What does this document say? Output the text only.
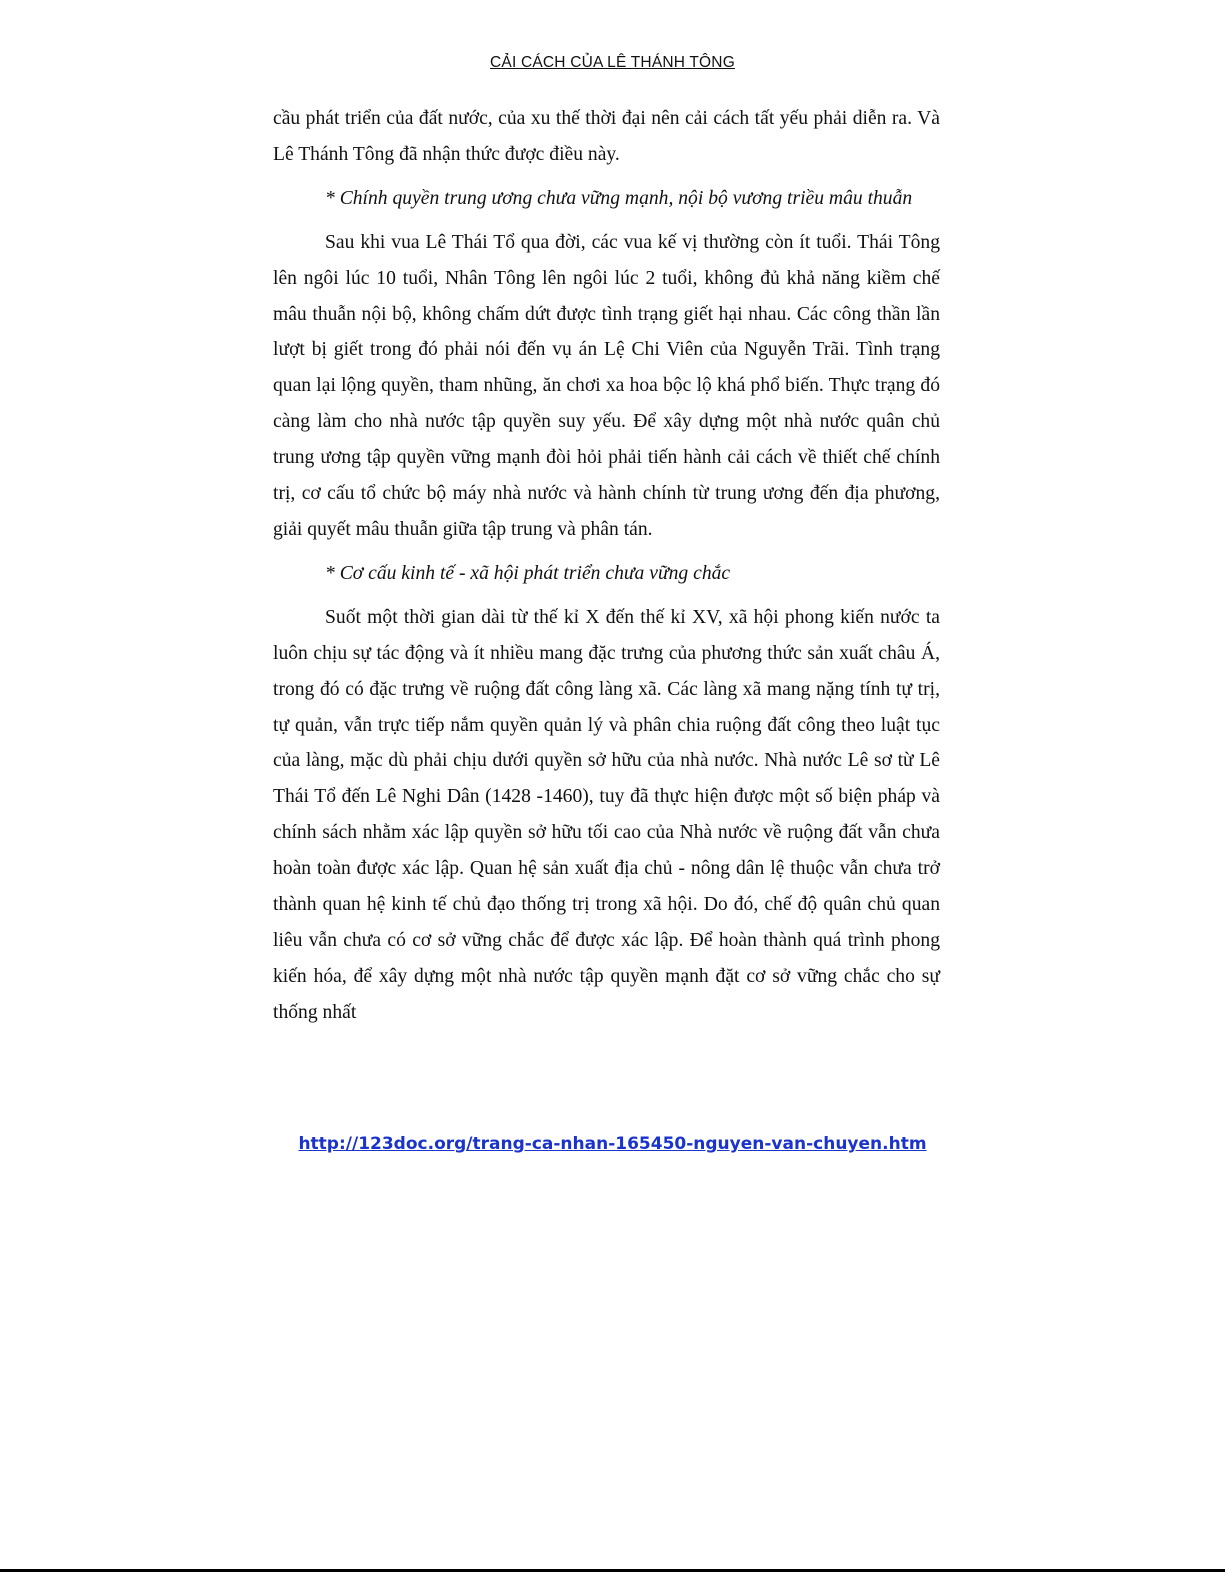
CẢI CÁCH CỦA LÊ THÁNH TÔNG

cầu phát triển của đất nước, của xu thế thời đại nên cải cách tất yếu phải diễn ra. Và Lê Thánh Tông đã nhận thức được điều này.

* Chính quyền trung ương chưa vững mạnh, nội bộ vương triều mâu thuẫn

Sau khi vua Lê Thái Tổ qua đời, các vua kế vị thường còn ít tuổi. Thái Tông lên ngôi lúc 10 tuổi, Nhân Tông lên ngôi lúc 2 tuổi, không đủ khả năng kiềm chế mâu thuẫn nội bộ, không chấm dứt được tình trạng giết hại nhau. Các công thần lần lượt bị giết trong đó phải nói đến vụ án Lệ Chi Viên của Nguyễn Trãi. Tình trạng quan lại lộng quyền, tham nhũng, ăn chơi xa hoa bộc lộ khá phổ biến. Thực trạng đó càng làm cho nhà nước tập quyền suy yếu. Để xây dựng một nhà nước quân chủ trung ương tập quyền vững mạnh đòi hỏi phải tiến hành cải cách về thiết chế chính trị, cơ cấu tổ chức bộ máy nhà nước và hành chính từ trung ương đến địa phương, giải quyết mâu thuẫn giữa tập trung và phân tán.

* Cơ cấu kinh tế - xã hội phát triển chưa vững chắc

Suốt một thời gian dài từ thế kỉ X đến thế kỉ XV, xã hội phong kiến nước ta luôn chịu sự tác động và ít nhiều mang đặc trưng của phương thức sản xuất châu Á, trong đó có đặc trưng về ruộng đất công làng xã. Các làng xã mang nặng tính tự trị, tự quản, vẫn trực tiếp nắm quyền quản lý và phân chia ruộng đất công theo luật tục của làng, mặc dù phải chịu dưới quyền sở hữu của nhà nước. Nhà nước Lê sơ từ Lê Thái Tổ đến Lê Nghi Dân (1428 -1460), tuy đã thực hiện được một số biện pháp và chính sách nhằm xác lập quyền sở hữu tối cao của Nhà nước về ruộng đất vẫn chưa hoàn toàn được xác lập. Quan hệ sản xuất địa chủ - nông dân lệ thuộc vẫn chưa trở thành quan hệ kinh tế chủ đạo thống trị trong xã hội. Do đó, chế độ quân chủ quan liêu vẫn chưa có cơ sở vững chắc để được xác lập. Để hoàn thành quá trình phong kiến hóa, để xây dựng một nhà nước tập quyền mạnh đặt cơ sở vững chắc cho sự thống nhất

http://123doc.org/trang-ca-nhan-165450-nguyen-van-chuyen.htm
